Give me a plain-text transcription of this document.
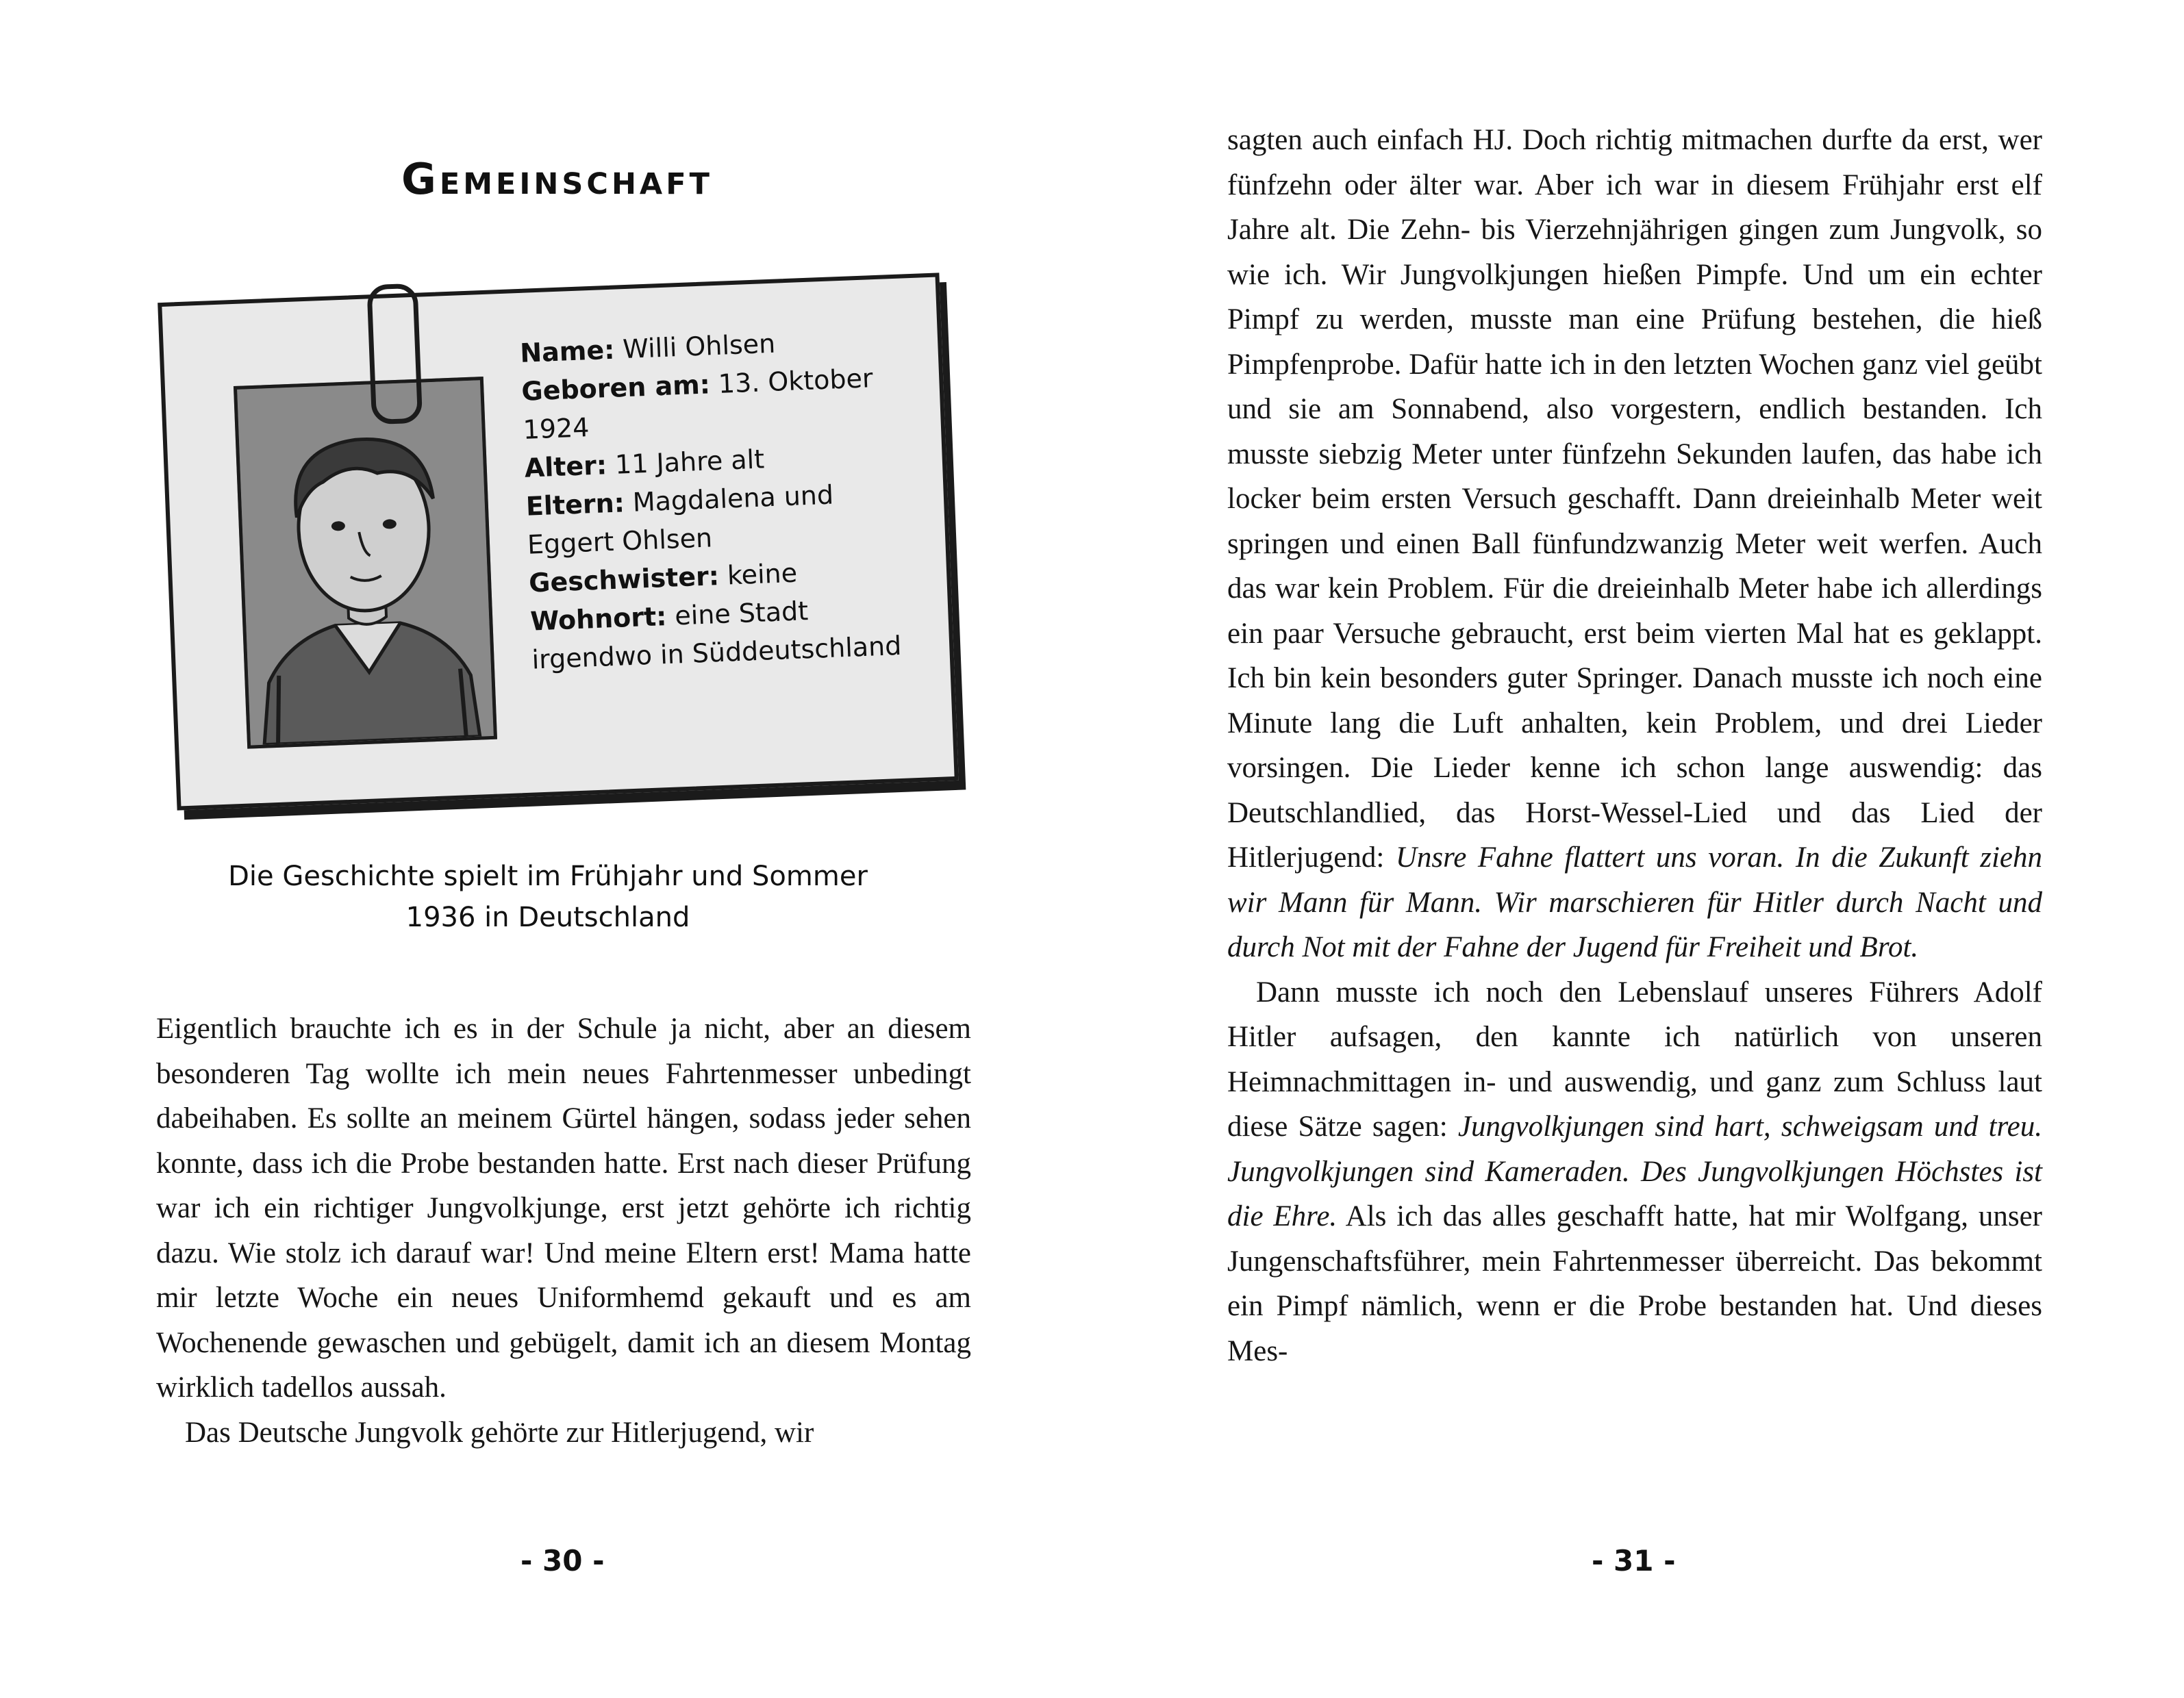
Gemeinschaft

Name: Willi Ohlsen

Geboren am: 13. Oktober 1924

Alter: 11 Jahre alt

Eltern: Magdalena und Eggert Ohlsen

Geschwister: keine

Wohnort: eine Stadt irgendwo in Süddeutschland

Die Geschichte spielt im Frühjahr und Sommer 1936 in Deutschland

Eigentlich brauchte ich es in der Schule ja nicht, aber an diesem besonderen Tag wollte ich mein neues Fahrtenmesser unbedingt dabeihaben. Es sollte an meinem Gürtel hängen, sodass jeder sehen konnte, dass ich die Probe bestanden hatte. Erst nach dieser Prüfung war ich ein richtiger Jungvolkjunge, erst jetzt gehörte ich richtig dazu. Wie stolz ich darauf war! Und meine Eltern erst! Mama hatte mir letzte Woche ein neues Uniformhemd gekauft und es am Wochenende gewaschen und gebügelt, damit ich an diesem Montag wirklich tadellos aussah.

Das Deutsche Jungvolk gehörte zur Hitlerjugend, wir

- 30 -

sagten auch einfach HJ. Doch richtig mitmachen durfte da erst, wer fünfzehn oder älter war. Aber ich war in diesem Frühjahr erst elf Jahre alt. Die Zehn- bis Vierzehnjährigen gingen zum Jungvolk, so wie ich. Wir Jungvolkjungen hießen Pimpfe. Und um ein echter Pimpf zu werden, musste man eine Prüfung bestehen, die hieß Pimpfenprobe. Dafür hatte ich in den letzten Wochen ganz viel geübt und sie am Sonnabend, also vorgestern, endlich bestanden. Ich musste siebzig Meter unter fünfzehn Sekunden laufen, das habe ich locker beim ersten Versuch geschafft. Dann dreieinhalb Meter weit springen und einen Ball fünfundzwanzig Meter weit werfen. Auch das war kein Problem. Für die dreieinhalb Meter habe ich allerdings ein paar Versuche gebraucht, erst beim vierten Mal hat es geklappt. Ich bin kein besonders guter Springer. Danach musste ich noch eine Minute lang die Luft anhalten, kein Problem, und drei Lieder vorsingen. Die Lieder kenne ich schon lange auswendig: das Deutschlandlied, das Horst-Wessel-Lied und das Lied der Hitlerjugend: Unsre Fahne flattert uns voran. In die Zukunft ziehn wir Mann für Mann. Wir marschieren für Hitler durch Nacht und durch Not mit der Fahne der Jugend für Freiheit und Brot.

Dann musste ich noch den Lebenslauf unseres Führers Adolf Hitler aufsagen, den kannte ich natürlich von unseren Heimnachmittagen in- und auswendig, und ganz zum Schluss laut diese Sätze sagen: Jungvolkjungen sind hart, schweigsam und treu. Jungvolkjungen sind Kameraden. Des Jungvolkjungen Höchstes ist die Ehre. Als ich das alles geschafft hatte, hat mir Wolfgang, unser Jungenschaftsführer, mein Fahrtenmesser überreicht. Das bekommt ein Pimpf nämlich, wenn er die Probe bestanden hat. Und dieses Mes-

- 31 -
